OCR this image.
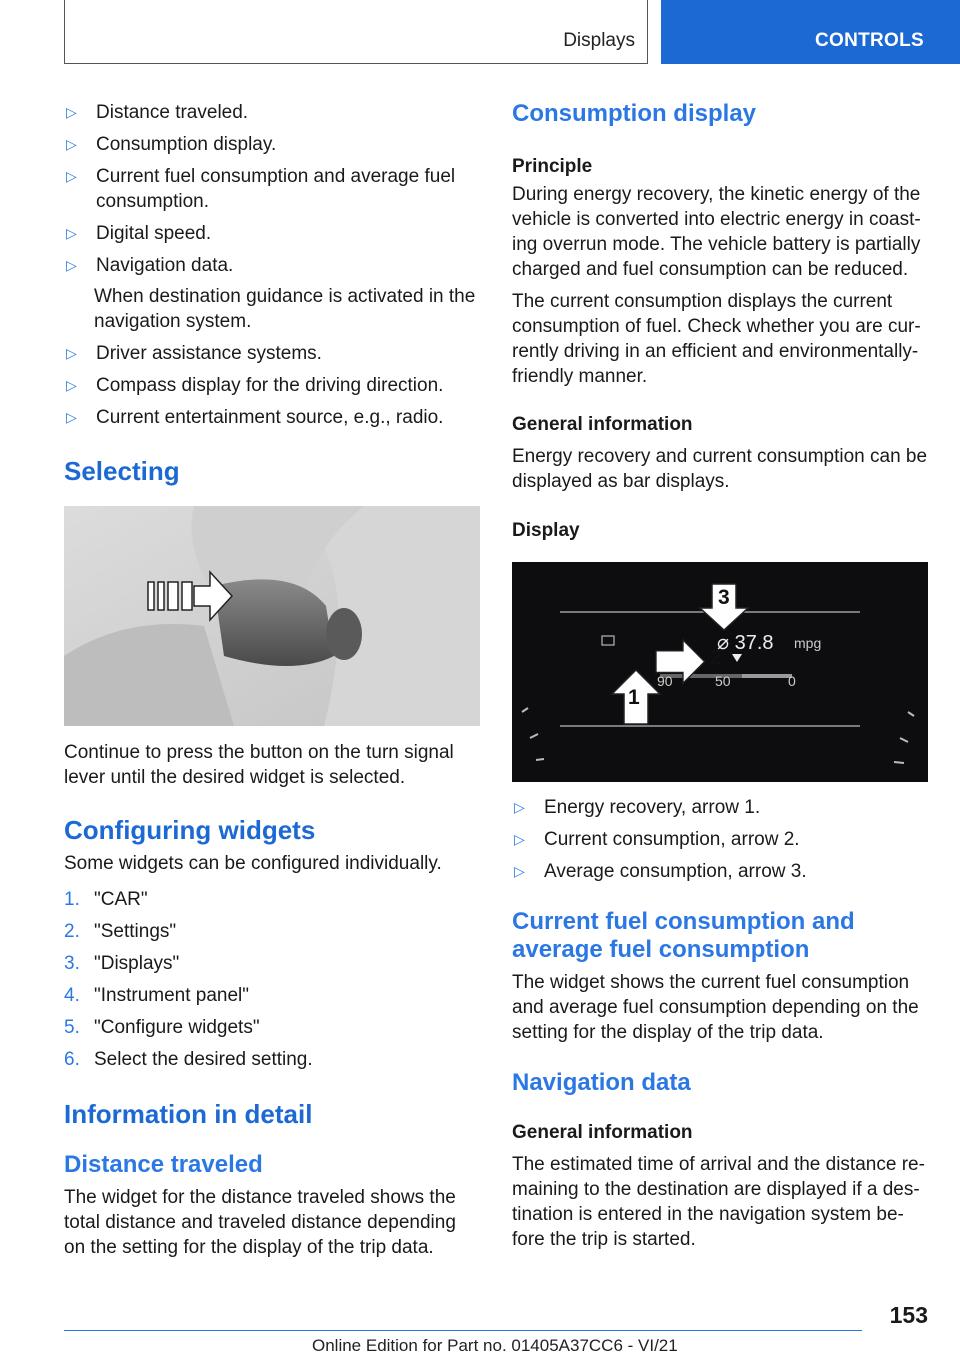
Displays	CONTROLS
▷	Distance traveled.
▷	Consumption display.
▷	Current fuel consumption and average fuel consumption.
▷	Digital speed.
▷	Navigation data.

When destination guidance is activated in the navigation system.

▷	Driver assistance systems.
▷	Compass display for the driving direction.
▷	Current entertainment source, e.g., radio.
Selecting

Continue to press the button on the turn signal lever until the desired widget is selected.

Configuring widgets

Some widgets can be configured individually.

1. "CAR"
2. "Settings"
3. "Displays"
4. "Instrument panel"
5. "Configure widgets"
6. Select the desired setting.
Information in detail
Distance traveled

The widget for the distance traveled shows the total distance and traveled distance depending on the setting for the display of the trip data.

Consumption display
Principle

During energy recovery, the kinetic energy of the vehicle is converted into electric energy in coasting overrun mode. The vehicle battery is partially charged and fuel consumption can be reduced.

The current consumption displays the current consumption of fuel. Check whether you are currently driving in an efficient and environmentally-friendly manner.

General information

Energy recovery and current consumption can be displayed as bar displays.

Display
1
2
3
⌀ 37.8 mpg
90	50	0
▷	Energy recovery, arrow 1.
▷	Current consumption, arrow 2.
▷	Average consumption, arrow 3.
Current fuel consumption and
average fuel consumption

The widget shows the current fuel consumption and average fuel consumption depending on the setting for the display of the trip data.

Navigation data
General information

The estimated time of arrival and the distance remaining to the destination are displayed if a destination is entered in the navigation system before the trip is started.

153
Online Edition for Part no. 01405A37CC6 - VI/21
